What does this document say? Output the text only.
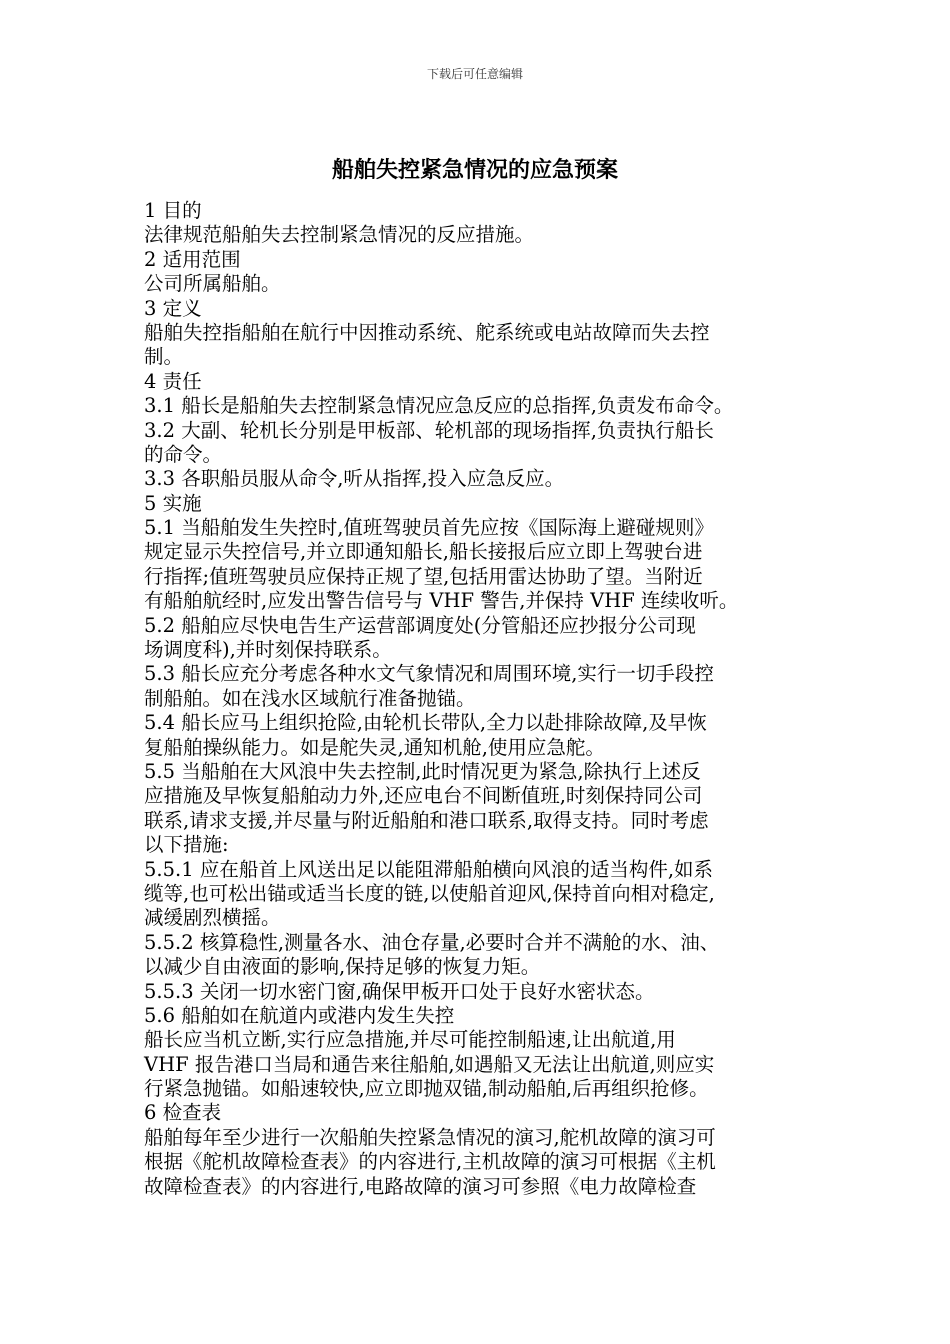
下载后可任意编辑
船舶失控紧急情况的应急预案
1 目的
法律规范船舶失去控制紧急情况的反应措施。
2 适用范围
公司所属船舶。
3 定义
船舶失控指船舶在航行中因推动系统、舵系统或电站故障而失去控
制。
4 责任
3.1 船长是船舶失去控制紧急情况应急反应的总指挥,负责发布命令。
3.2 大副、轮机长分别是甲板部、轮机部的现场指挥,负责执行船长
的命令。
3.3 各职船员服从命令,听从指挥,投入应急反应。
5 实施
5.1 当船舶发生失控时,值班驾驶员首先应按《国际海上避碰规则》
规定显示失控信号,并立即通知船长,船长接报后应立即上驾驶台进
行指挥;值班驾驶员应保持正规了望,包括用雷达协助了望。当附近
有船舶航经时,应发出警告信号与 VHF 警告,并保持 VHF 连续收听。
5.2 船舶应尽快电告生产运营部调度处(分管船还应抄报分公司现
场调度科),并时刻保持联系。
5.3 船长应充分考虑各种水文气象情况和周围环境,实行一切手段控
制船舶。如在浅水区域航行准备抛锚。
5.4 船长应马上组织抢险,由轮机长带队,全力以赴排除故障,及早恢
复船舶操纵能力。如是舵失灵,通知机舱,使用应急舵。
5.5 当船舶在大风浪中失去控制,此时情况更为紧急,除执行上述反
应措施及早恢复船舶动力外,还应电台不间断值班,时刻保持同公司
联系,请求支援,并尽量与附近船舶和港口联系,取得支持。同时考虑
以下措施:
5.5.1 应在船首上风送出足以能阻滞船舶横向风浪的适当构件,如系
缆等,也可松出锚或适当长度的链,以使船首迎风,保持首向相对稳定,
减缓剧烈横摇。
5.5.2 核算稳性,测量各水、油仓存量,必要时合并不满舱的水、油、
以减少自由液面的影响,保持足够的恢复力矩。
5.5.3 关闭一切水密门窗,确保甲板开口处于良好水密状态。
5.6 船舶如在航道内或港内发生失控
船长应当机立断,实行应急措施,并尽可能控制船速,让出航道,用
VHF 报告港口当局和通告来往船舶,如遇船又无法让出航道,则应实
行紧急抛锚。如船速较快,应立即抛双锚,制动船舶,后再组织抢修。
6 检查表
船舶每年至少进行一次船舶失控紧急情况的演习,舵机故障的演习可
根据《舵机故障检查表》的内容进行,主机故障的演习可根据《主机
故障检查表》的内容进行,电路故障的演习可参照《电力故障检查
